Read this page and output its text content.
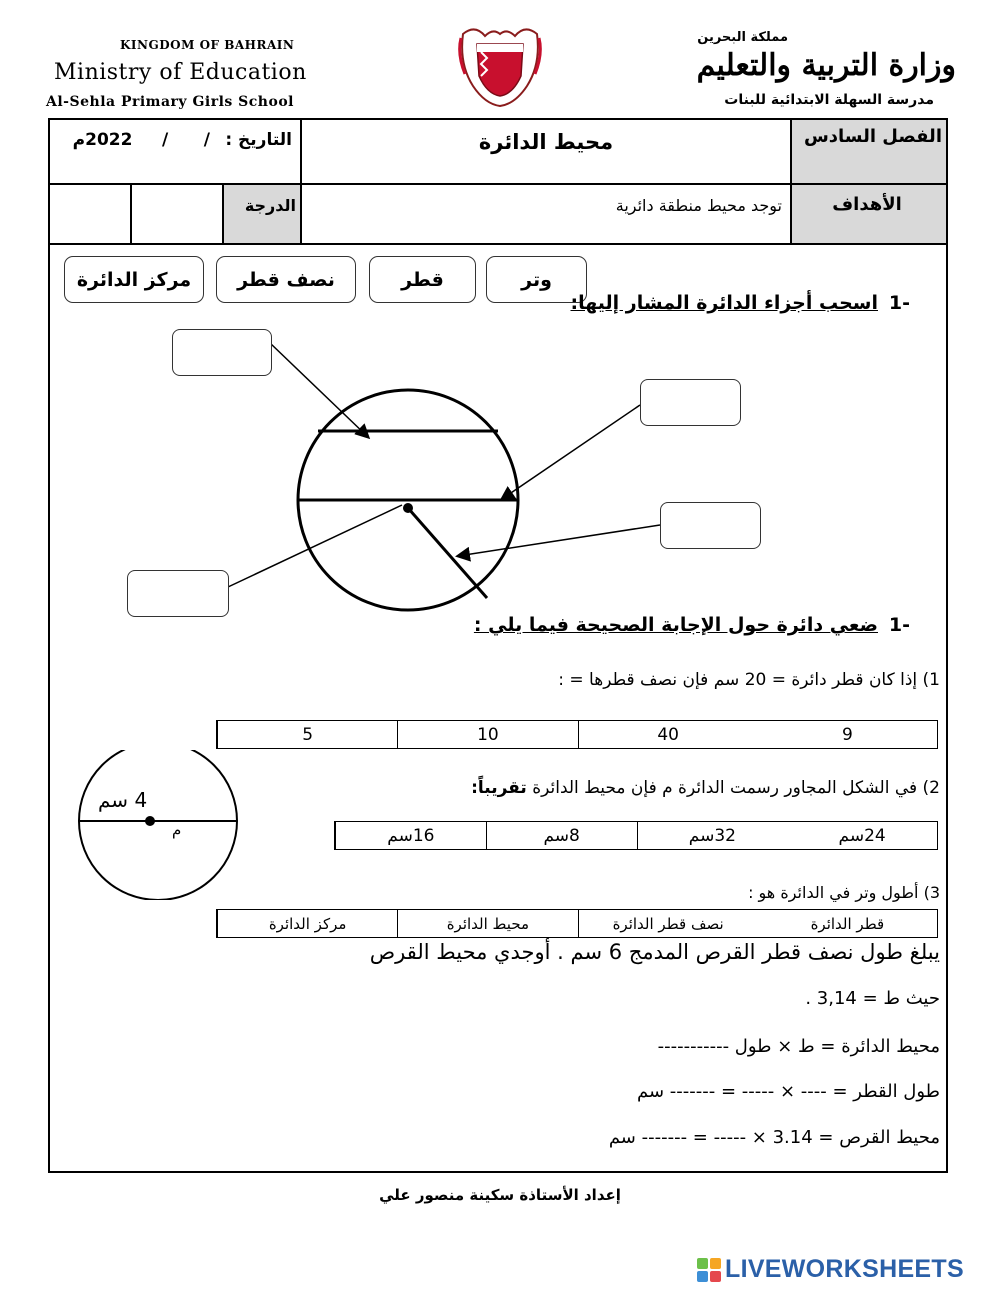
KINGDOM OF BAHRAIN
Ministry of Education
Al-Sehla Primary Girls School
مملكة البحرين
وزارة التربية والتعليم
مدرسة السهلة الابتدائية للبنات
الفصل السادس
محيط الدائرة
التاريخ :
/      /     2022م
الأهداف
توجد محيط منطقة دائرية
الدرجة
وتر
قطر
نصف قطر
مركز الدائرة
-1
اسحب أجزاء الدائرة المشار إليها:
-1
ضعي دائرة حول الإجابة الصحيحة فيما يلي :
1) إذا كان قطر دائرة = 20 سم فإن نصف قطرها = :
9
40
10
5
4 سم
م
2) في الشكل المجاور رسمت الدائرة م فإن محيط الدائرة تقريباً:
24سم
32سم
8سم
16سم
3) أطول وتر في الدائرة هو :
قطر الدائرة
نصف قطر الدائرة
محيط الدائرة
مركز الدائرة
يبلغ طول نصف قطر القرص المدمج 6 سم . أوجدي محيط القرص
حيث ط = 3,14 .
محيط الدائرة = ط × طول -----------
طول القطر = ---- × ----- = ------- سم
محيط القرص = 3.14 × ----- = ------- سم
إعداد الأستاذة سكينة منصور علي
LIVEWORKSHEETS
